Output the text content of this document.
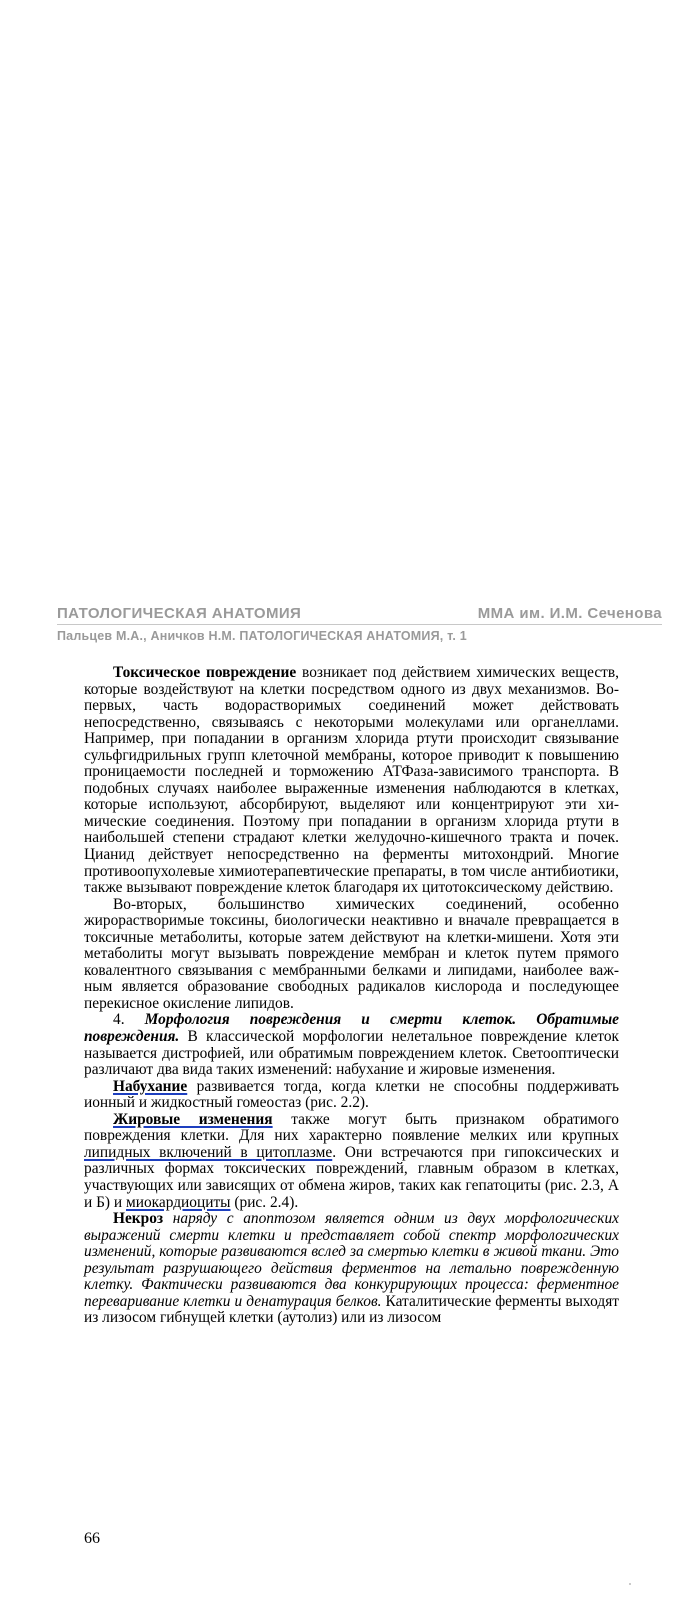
ПАТОЛОГИЧЕСКАЯ АНАТОМИЯ	ММА им. И.М. Сеченова
Пальцев М.А., Аничков Н.М. ПАТОЛОГИЧЕСКАЯ АНАТОМИЯ, т. 1

Токсическое повреждение возникает под действием химических веществ, которые воздействуют на клетки посредством одного из двух механизмов. Во-первых, часть водорастворимых соединений может действовать непосредственно, связываясь с некоторыми молекулами или органеллами. Например, при попадании в организм хлорида ртути происходит связывание сульфгидрильных групп клеточной мембраны, которое приводит к повышению проницаемости последней и торможению АТФаза-зависимого транспорта. В подобных случаях наиболее выраженные изменения наблюдаются в клетках, которые используют, абсорбируют, выделяют или концентрируют эти химические соединения. Поэтому при попадании в организм хлорида ртути в наибольшей степени страдают клетки желудочно-кишечного тракта и почек. Цианид действует непосредственно на ферменты митохондрий. Многие противоопухолевые химиотерапевтические препараты, в том числе антибиотики, также вызывают повреждение клеток благодаря их цитотоксическому действию.

Во-вторых, большинство химических соединений, особенно жирорастворимые токсины, биологически неактивно и вначале превращается в токсичные метаболиты, которые затем действуют на клетки-мишени. Хотя эти метаболиты могут вызывать повреждение мембран и клеток путем прямого ковалентного связывания с мембранными белками и липидами, наиболее важным является образование свободных радикалов кислорода и последующее перекисное окисление липидов.

4. Морфология повреждения и смерти клеток. Обратимые повреждения. В классической морфологии нелетальное повреждение клеток называется дистрофией, или обратимым повреждением клеток. Светооптически различают два вида таких изменений: набухание и жировые изменения.

Набухание развивается тогда, когда клетки не способны поддерживать ионный и жидкостный гомеостаз (рис. 2.2).

Жировые изменения также могут быть признаком обратимого повреждения клетки. Для них характерно появление мелких или крупных липидных включений в цитоплазме. Они встречаются при гипоксических и различных формах токсических повреждений, главным образом в клетках, участвующих или зависящих от обмена жиров, таких как гепатоциты (рис. 2.3, А и Б) и миокардиоциты (рис. 2.4).

Некроз наряду с апоптозом является одним из двух морфологических выражений смерти клетки и представляет собой спектр морфологических изменений, которые развиваются вслед за смертью клетки в живой ткани. Это результат разрушающего действия ферментов на летально поврежденную клетку. Фактически развиваются два конкурирующих процесса: ферментное переваривание клетки и денатурация белков. Каталитические ферменты выходят из лизосом гибнущей клетки (аутолиз) или из лизосом

66
